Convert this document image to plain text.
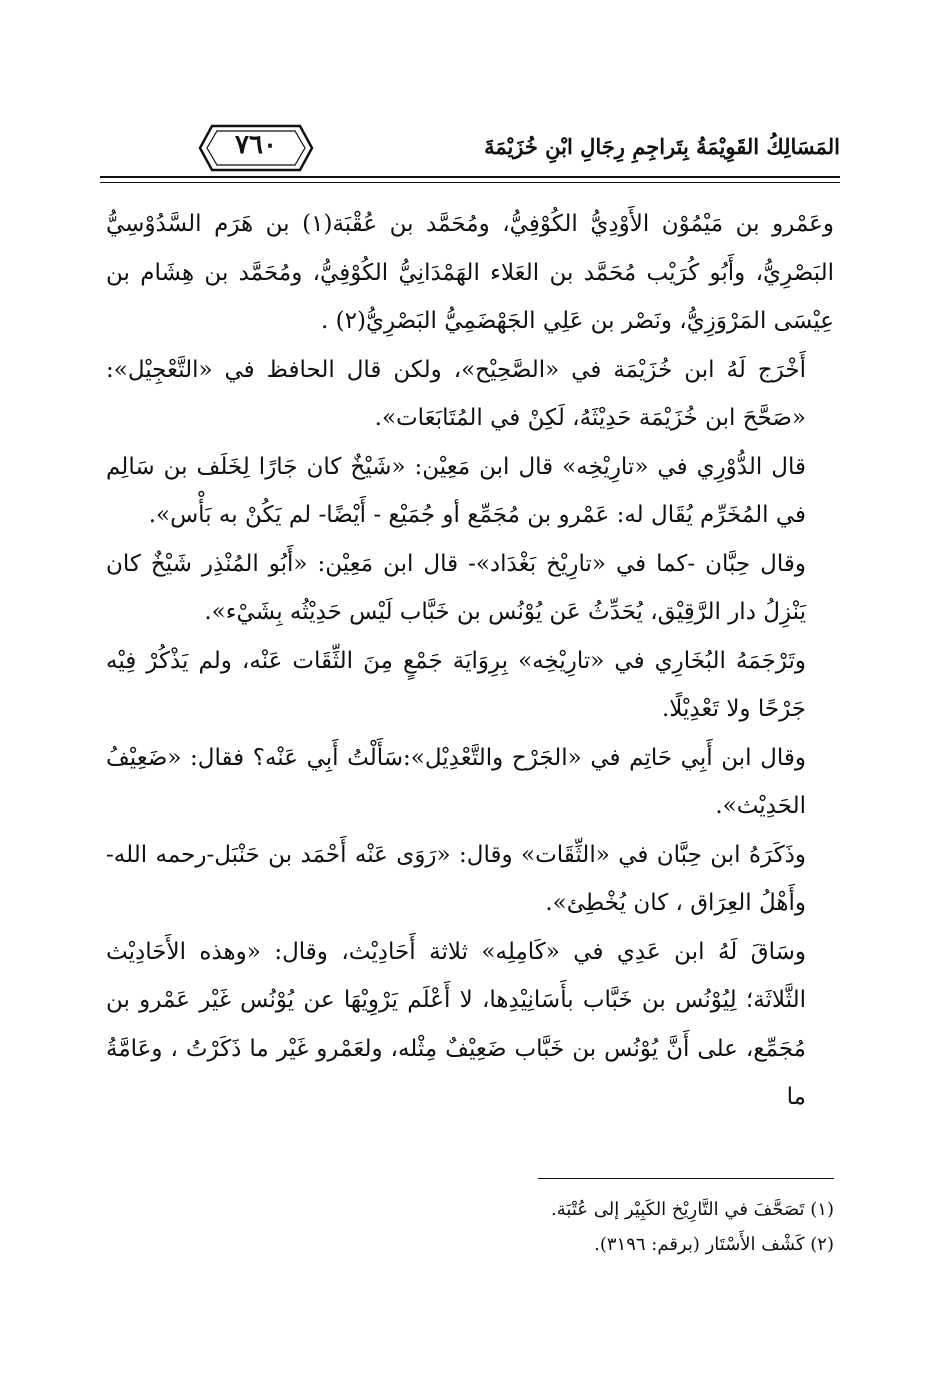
المَسَالِكُ القَوِيْمَةُ بِتَراجِمِ رِجَالِ ابْنِ خُزَيْمَةَ
٧٦٠

وعَمْرو بن مَيْمُوْن الأَوْدِيُّ الكُوْفِيُّ، ومُحَمَّد بن عُقْبَة(١) بن هَرَم السَّدُوْسِيُّ البَصْرِيُّ، وأَبُو كُرَيْب مُحَمَّد بن العَلاء الهَمْدَانِيُّ الكُوْفِيُّ، ومُحَمَّد بن هِشَام بن عِيْسَى المَرْوَزِيُّ، ونَصْر بن عَلِي الجَهْضَمِيُّ البَصْرِيُّ(٢) .

أَخْرَج لَهُ ابن خُزَيْمَة في «الصَّحِيْح»، ولكن قال الحافظ في «التَّعْجِيْل»: «صَحَّحَ ابن خُزَيْمَة حَدِيْثَهُ، لَكِنْ في المُتَابَعَات».

قال الدُّوْرِي في «تارِيْخِه» قال ابن مَعِيْن: «شَيْخٌ كان جَارًا لِخَلَف بن سَالِم في المُخَرِّم يُقَال له: عَمْرو بن مُجَمِّع أو جُمَيْع - أَيْضًا- لم يَكُنْ به بَأْس».

وقال حِبَّان -كما في «تارِيْخ بَغْدَاد»- قال ابن مَعِيْن: «أَبُو المُنْذِر شَيْخٌ كان يَنْزِلُ دار الرَّقِيْق، يُحَدِّثُ عَن يُوْنُس بن خَبَّاب لَيْس حَدِيْثُه بِشَيْء».

وتَرْجَمَهُ البُخَارِي في «تارِيْخِه» بِرِوَايَة جَمْعٍ مِنَ الثِّقَات عَنْه، ولم يَذْكُرْ فِيْه جَرْحًا ولا تَعْدِيْلًا.

وقال ابن أَبِي حَاتِم في «الجَرْح والتَّعْدِيْل»:سَأَلْتُ أَبِي عَنْه؟ فقال: «ضَعِيْفُ الحَدِيْث».

وذَكَرَهُ ابن حِبَّان في «الثِّقَات» وقال: «رَوَى عَنْه أَحْمَد بن حَنْبَل-رحمه الله- وأَهْلُ العِرَاق ، كان يُخْطِئ».

وسَاقَ لَهُ ابن عَدِي في «كَامِلِه» ثلاثة أَحَادِيْث، وقال: «وهذه الأَحَادِيْث الثَّلاثَة؛ لِيُوْنُس بن خَبَّاب بأَسَانِيْدِها، لا أَعْلَم يَرْوِيْهَا عن يُوْنُس غَيْر عَمْرو بن مُجَمِّع، على أَنَّ يُوْنُس بن خَبَّاب ضَعِيْفٌ مِثْله، ولعَمْرو غَيْر ما ذَكَرْتُ ، وعَامَّةُ ما

(١) تَصَحَّفَ في التَّارِيْخ الكَبِيْر إلى عُتْبَة.

(٢) كَشْف الأَسْتَار (برقم: ٣١٩٦).
